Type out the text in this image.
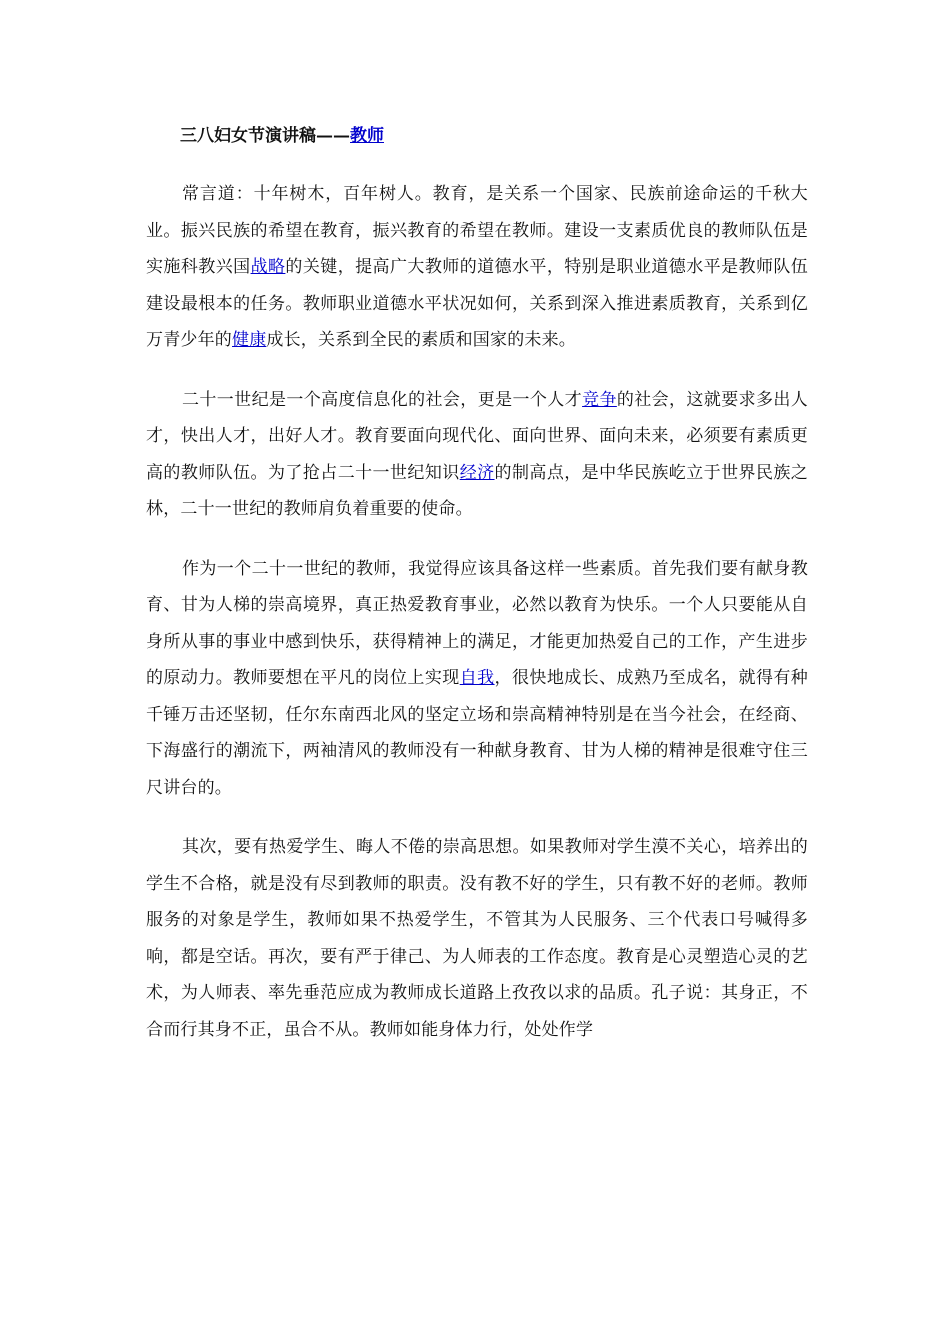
三八妇女节演讲稿——教师

常言道：十年树木，百年树人。教育，是关系一个国家、民族前途命运的千秋大业。振兴民族的希望在教育，振兴教育的希望在教师。建设一支素质优良的教师队伍是实施科教兴国战略的关键，提高广大教师的道德水平，特别是职业道德水平是教师队伍建设最根本的任务。教师职业道德水平状况如何，关系到深入推进素质教育，关系到亿万青少年的健康成长，关系到全民的素质和国家的未来。

二十一世纪是一个高度信息化的社会，更是一个人才竞争的社会，这就要求多出人才，快出人才，出好人才。教育要面向现代化、面向世界、面向未来，必须要有素质更高的教师队伍。为了抢占二十一世纪知识经济的制高点，是中华民族屹立于世界民族之林，二十一世纪的教师肩负着重要的使命。

作为一个二十一世纪的教师，我觉得应该具备这样一些素质。首先我们要有献身教育、甘为人梯的崇高境界，真正热爱教育事业，必然以教育为快乐。一个人只要能从自身所从事的事业中感到快乐，获得精神上的满足，才能更加热爱自己的工作，产生进步的原动力。教师要想在平凡的岗位上实现自我，很快地成长、成熟乃至成名，就得有种千锤万击还坚韧，任尔东南西北风的坚定立场和崇高精神特别是在当今社会，在经商、下海盛行的潮流下，两袖清风的教师没有一种献身教育、甘为人梯的精神是很难守住三尺讲台的。

其次，要有热爱学生、晦人不倦的崇高思想。如果教师对学生漠不关心，培养出的学生不合格，就是没有尽到教师的职责。没有教不好的学生，只有教不好的老师。教师服务的对象是学生，教师如果不热爱学生，不管其为人民服务、三个代表口号喊得多响，都是空话。再次，要有严于律己、为人师表的工作态度。教育是心灵塑造心灵的艺术，为人师表、率先垂范应成为教师成长道路上孜孜以求的品质。孔子说：其身正，不合而行其身不正，虽合不从。教师如能身体力行，处处作学
